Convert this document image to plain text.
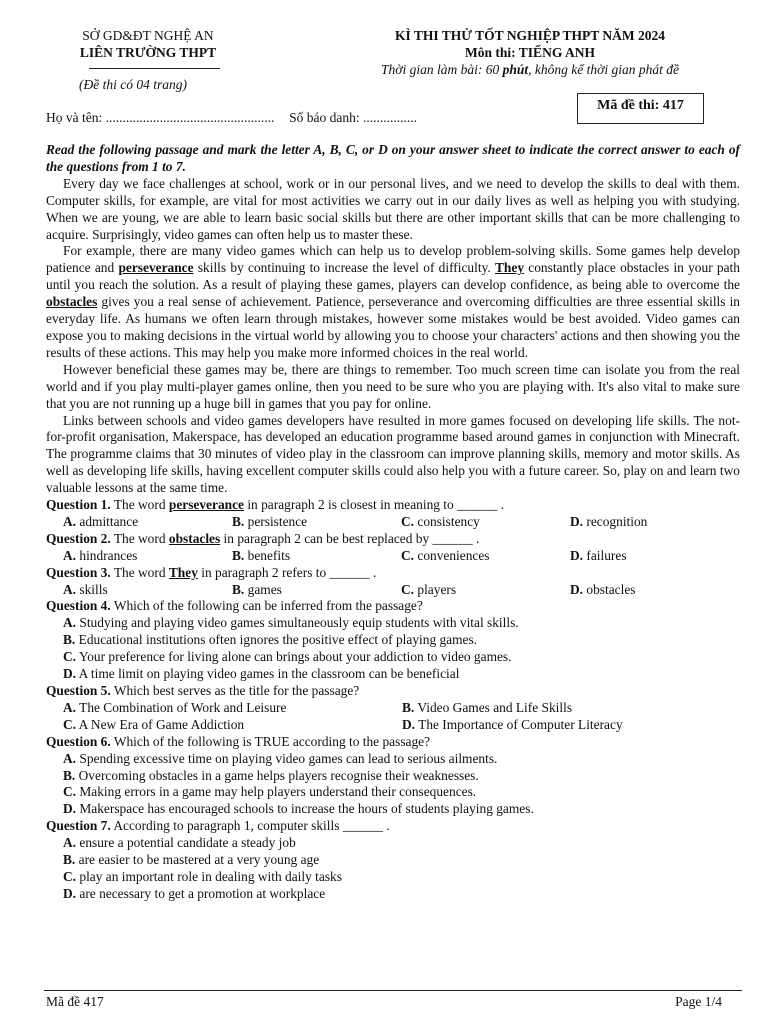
SỞ GD&ĐT NGHỆ AN
LIÊN TRƯỜNG THPT
(Đề thi có 04 trang)
KÌ THI THỬ TỐT NGHIỆP THPT NĂM 2024
Môn thi: TIẾNG ANH
Thời gian làm bài: 60 phút, không kể thời gian phát đề
Mã đề thi: 417
Họ và tên: .................................................. Số báo danh: ................

Read the following passage and mark the letter A, B, C, or D on your answer sheet to indicate the correct answer to each of the questions from 1 to 7.

Every day we face challenges at school, work or in our personal lives, and we need to develop the skills to deal with them. Computer skills, for example, are vital for most activities we carry out in our daily lives as well as helping you with studying. When we are young, we are able to learn basic social skills but there are other important skills that can be more challenging to acquire. Surprisingly, video games can often help us to master these.

For example, there are many video games which can help us to develop problem-solving skills. Some games help develop patience and perseverance skills by continuing to increase the level of difficulty. They constantly place obstacles in your path until you reach the solution. As a result of playing these games, players can develop confidence, as being able to overcome the obstacles gives you a real sense of achievement. Patience, perseverance and overcoming difficulties are three essential skills in everyday life. As humans we often learn through mistakes, however some mistakes would be best avoided. Video games can expose you to making decisions in the virtual world by allowing you to choose your characters' actions and then showing you the results of these actions. This may help you make more informed choices in the real world.

However beneficial these games may be, there are things to remember. Too much screen time can isolate you from the real world and if you play multi-player games online, then you need to be sure who you are playing with. It's also vital to make sure that you are not running up a huge bill in games that you pay for online.

Links between schools and video games developers have resulted in more games focused on developing life skills. The not-for-profit organisation, Makerspace, has developed an education programme based around games in conjunction with Minecraft. The programme claims that 30 minutes of video play in the classroom can improve planning skills, memory and motor skills. As well as developing life skills, having excellent computer skills could also help you with a future career. So, play on and learn two valuable lessons at the same time.

Question 1. The word perseverance in paragraph 2 is closest in meaning to ______ .

A. admittance	B. persistence	C. consistency	D. recognition

Question 2. The word obstacles in paragraph 2 can be best replaced by ______ .

A. hindrances	B. benefits	C. conveniences	D. failures

Question 3. The word They in paragraph 2 refers to ______ .

A. skills	B. games	C. players	D. obstacles

Question 4. Which of the following can be inferred from the passage?

A. Studying and playing video games simultaneously equip students with vital skills.
B. Educational institutions often ignores the positive effect of playing games.
C. Your preference for living alone can brings about your addiction to video games.
D. A time limit on playing video games in the classroom can be beneficial

Question 5. Which best serves as the title for the passage?

A. The Combination of Work and Leisure	B. Video Games and Life Skills
C. A New Era of Game Addiction	D. The Importance of Computer Literacy

Question 6. Which of the following is TRUE according to the passage?

A. Spending excessive time on playing video games can lead to serious ailments.
B. Overcoming obstacles in a game helps players recognise their weaknesses.
C. Making errors in a game may help players understand their consequences.
D. Makerspace has encouraged schools to increase the hours of students playing games.

Question 7. According to paragraph 1, computer skills ______ .

A. ensure a potential candidate a steady job
B. are easier to be mastered at a very young age
C. play an important role in dealing with daily tasks
D. are necessary to get a promotion at workplace
Mã đề 417	Page 1/4
